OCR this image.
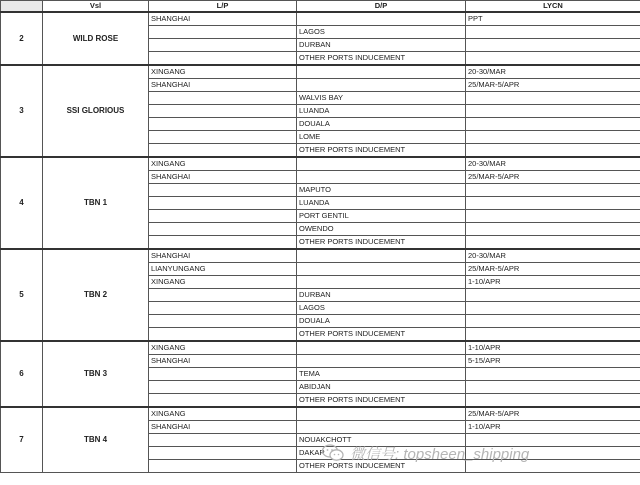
	Vsl	L/P	D/P	LYCN
2	WILD ROSE	SHANGHAI		PPT
			LAGOS	
			DURBAN	
			OTHER PORTS INDUCEMENT	
3	SSI GLORIOUS	XINGANG		20-30/MAR
		SHANGHAI		25/MAR-5/APR
			WALVIS BAY	
			LUANDA	
			DOUALA	
			LOME	
			OTHER PORTS INDUCEMENT	
4	TBN 1	XINGANG		20-30/MAR
		SHANGHAI		25/MAR-5/APR
			MAPUTO	
			LUANDA	
			PORT GENTIL	
			OWENDO	
			OTHER PORTS INDUCEMENT	
5	TBN 2	SHANGHAI		20-30/MAR
		LIANYUNGANG		25/MAR-5/APR
		XINGANG		1-10/APR
			DURBAN	
			LAGOS	
			DOUALA	
			OTHER PORTS INDUCEMENT	
6	TBN 3	XINGANG		1-10/APR
		SHANGHAI		5-15/APR
			TEMA	
			ABIDJAN	
			OTHER PORTS INDUCEMENT	
7	TBN 4	XINGANG		25/MAR-5/APR
		SHANGHAI		1-10/APR
			NOUAKCHOTT	
			DAKAR	
			OTHER PORTS INDUCEMENT	
微信号: topsheen_shipping
